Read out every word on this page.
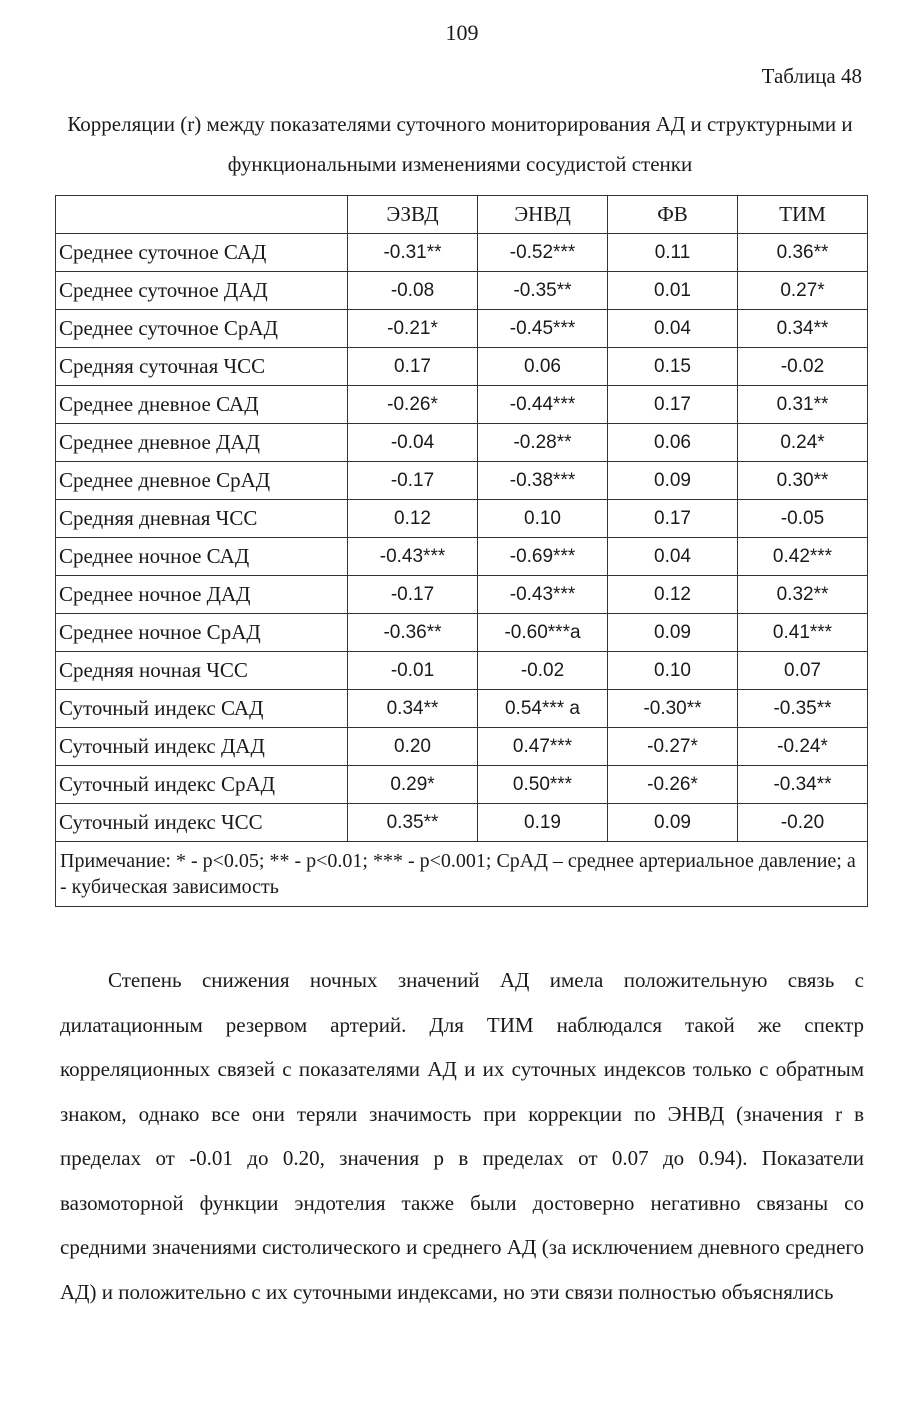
109
Таблица 48
Корреляции (r) между показателями суточного мониторирования АД и структурными и функциональными изменениями сосудистой стенки
	ЭЗВД	ЭНВД	ФВ	ТИМ
Среднее суточное САД	-0.31**	-0.52***	0.11	0.36**
Среднее суточное ДАД	-0.08	-0.35**	0.01	0.27*
Среднее суточное СрАД	-0.21*	-0.45***	0.04	0.34**
Средняя суточная ЧСС	0.17	0.06	0.15	-0.02
Среднее дневное САД	-0.26*	-0.44***	0.17	0.31**
Среднее дневное ДАД	-0.04	-0.28**	0.06	0.24*
Среднее дневное СрАД	-0.17	-0.38***	0.09	0.30**
Средняя дневная ЧСС	0.12	0.10	0.17	-0.05
Среднее ночное САД	-0.43***	-0.69***	0.04	0.42***
Среднее ночное ДАД	-0.17	-0.43***	0.12	0.32**
Среднее ночное СрАД	-0.36**	-0.60***a	0.09	0.41***
Средняя ночная ЧСС	-0.01	-0.02	0.10	0.07
Суточный индекс САД	0.34**	0.54*** a	-0.30**	-0.35**
Суточный индекс ДАД	0.20	0.47***	-0.27*	-0.24*
Суточный индекс СрАД	0.29*	0.50***	-0.26*	-0.34**
Суточный индекс ЧСС	0.35**	0.19	0.09	-0.20
Примечание: * - p<0.05; ** - p<0.01; *** - p<0.001; СрАД – среднее артериальное давление; а - кубическая зависимость				
Степень снижения ночных значений АД имела положительную связь с дилатационным резервом артерий. Для ТИМ наблюдался такой же спектр корреляционных связей с показателями АД и их суточных индексов только с обратным знаком, однако все они теряли значимость при коррекции по ЭНВД (значения r в пределах от -0.01 до 0.20, значения р в пределах от 0.07 до 0.94). Показатели вазомоторной функции эндотелия также были достоверно негативно связаны со средними значениями систолического и среднего АД (за исключением дневного среднего АД) и положительно с их суточными индексами, но эти связи полностью объяснялись
